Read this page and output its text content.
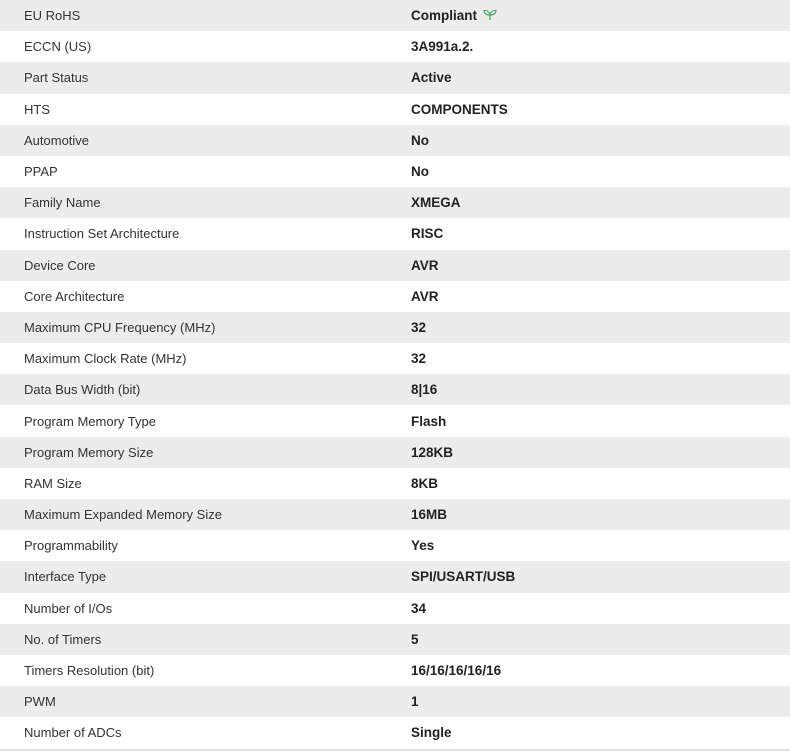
EU RoHS	Compliant
ECCN (US)	3A991a.2.
Part Status	Active
HTS	COMPONENTS
Automotive	No
PPAP	No
Family Name	XMEGA
Instruction Set Architecture	RISC
Device Core	AVR
Core Architecture	AVR
Maximum CPU Frequency (MHz)	32
Maximum Clock Rate (MHz)	32
Data Bus Width (bit)	8|16
Program Memory Type	Flash
Program Memory Size	128KB
RAM Size	8KB
Maximum Expanded Memory Size	16MB
Programmability	Yes
Interface Type	SPI/USART/USB
Number of I/Os	34
No. of Timers	5
Timers Resolution (bit)	16/16/16/16/16
PWM	1
Number of ADCs	Single
